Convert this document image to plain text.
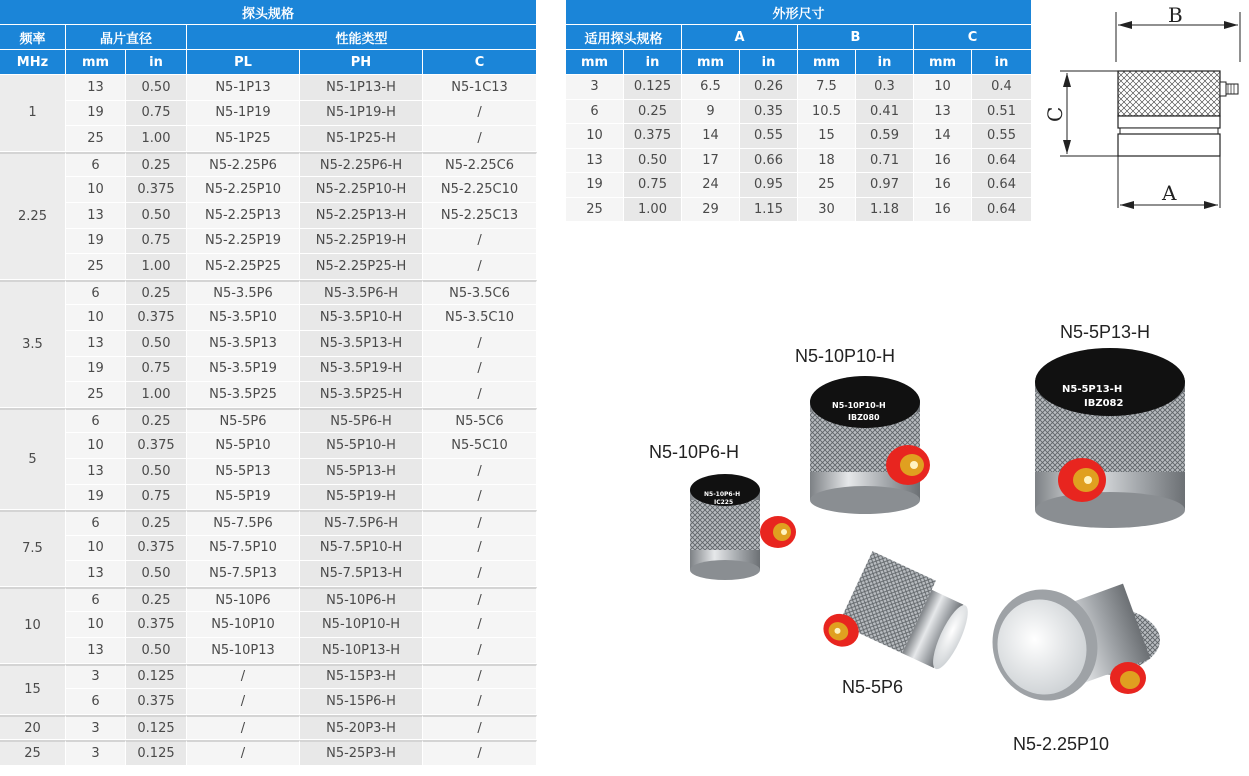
探头规格					
频率	晶片直径		性能类型		
MHz	mm	in	PL	PH	C
1	13	0.50	N5-1P13	N5-1P13-H	N5-1C13
	19	0.75	N5-1P19	N5-1P19-H	/
	25	1.00	N5-1P25	N5-1P25-H	/
2.25	6	0.25	N5-2.25P6	N5-2.25P6-H	N5-2.25C6
	10	0.375	N5-2.25P10	N5-2.25P10-H	N5-2.25C10
	13	0.50	N5-2.25P13	N5-2.25P13-H	N5-2.25C13
	19	0.75	N5-2.25P19	N5-2.25P19-H	/
	25	1.00	N5-2.25P25	N5-2.25P25-H	/
3.5	6	0.25	N5-3.5P6	N5-3.5P6-H	N5-3.5C6
	10	0.375	N5-3.5P10	N5-3.5P10-H	N5-3.5C10
	13	0.50	N5-3.5P13	N5-3.5P13-H	/
	19	0.75	N5-3.5P19	N5-3.5P19-H	/
	25	1.00	N5-3.5P25	N5-3.5P25-H	/
5	6	0.25	N5-5P6	N5-5P6-H	N5-5C6
	10	0.375	N5-5P10	N5-5P10-H	N5-5C10
	13	0.50	N5-5P13	N5-5P13-H	/
	19	0.75	N5-5P19	N5-5P19-H	/
7.5	6	0.25	N5-7.5P6	N5-7.5P6-H	/
	10	0.375	N5-7.5P10	N5-7.5P10-H	/
	13	0.50	N5-7.5P13	N5-7.5P13-H	/
10	6	0.25	N5-10P6	N5-10P6-H	/
	10	0.375	N5-10P10	N5-10P10-H	/
	13	0.50	N5-10P13	N5-10P13-H	/
15	3	0.125	/	N5-15P3-H	/
	6	0.375	/	N5-15P6-H	/
20	3	0.125	/	N5-20P3-H	/
25	3	0.125	/	N5-25P3-H	/
外形尺寸							
适用探头规格		A		B		C	
mm	in	mm	in	mm	in	mm	in
3	0.125	6.5	0.26	7.5	0.3	10	0.4
6	0.25	9	0.35	10.5	0.41	13	0.51
10	0.375	14	0.55	15	0.59	14	0.55
13	0.50	17	0.66	18	0.71	16	0.64
19	0.75	24	0.95	25	0.97	16	0.64
25	1.00	29	1.15	30	1.18	16	0.64
B
C
A
N5-10P6-H
IC225
N5-10P10-H
IBZ080
N5-5P13-H
IBZ082
N5-10P6-H
N5-10P10-H
N5-5P13-H
N5-5P6
N5-2.25P10
